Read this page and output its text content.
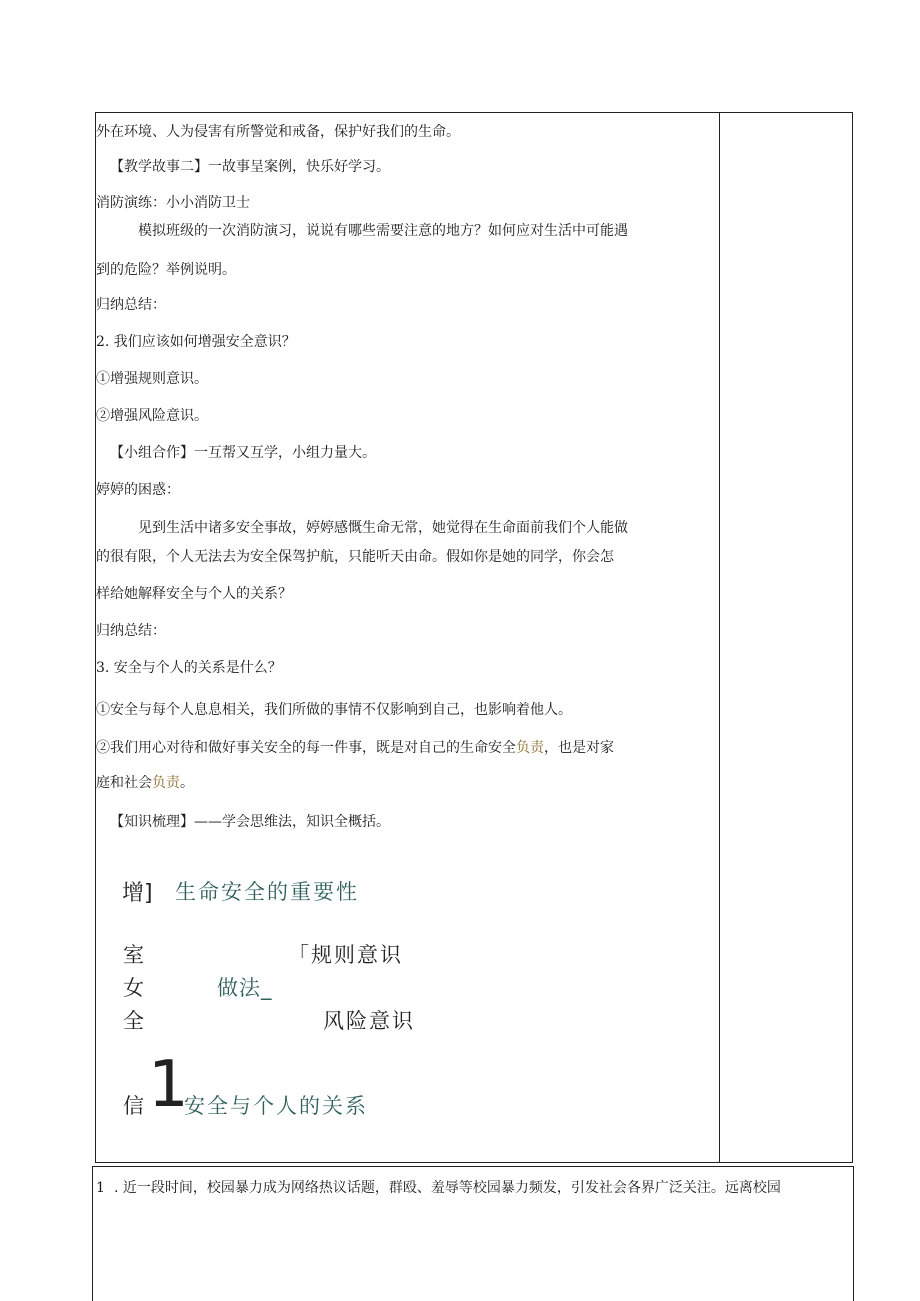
外在环境、人为侵害有所警觉和戒备，保护好我们的生命。
【教学故事二】一故事呈案例，快乐好学习。
消防演练：小小消防卫士
模拟班级的一次消防演习，说说有哪些需要注意的地方？如何应对生活中可能遇
到的危险？举例说明。
归纳总结：
2. 我们应该如何增强安全意识？
①增强规则意识。
②增强风险意识。
【小组合作】一互帮又互学，小组力量大。
婷婷的困惑：
见到生活中诸多安全事故，婷婷感慨生命无常，她觉得在生命面前我们个人能做
的很有限，个人无法去为安全保驾护航，只能听天由命。假如你是她的同学，你会怎
样给她解释安全与个人的关系？
归纳总结：
3. 安全与个人的关系是什么？
①安全与每个人息息相关，我们所做的事情不仅影响到自己，也影响着他人。
②我们用心对待和做好事关安全的每一件事，既是对自己的生命安全负责，也是对家
庭和社会负责。
【知识梳理】——学会思维法，知识全概括。
增] 生命安全的重要性
室	「规则意识
女	做法_
全	风险意识
信 1
安全与个人的关系
1 . 近一段时间，校园暴力成为网络热议话题，群殴、羞辱等校园暴力频发，引发社会各界广泛关注。远离校园
